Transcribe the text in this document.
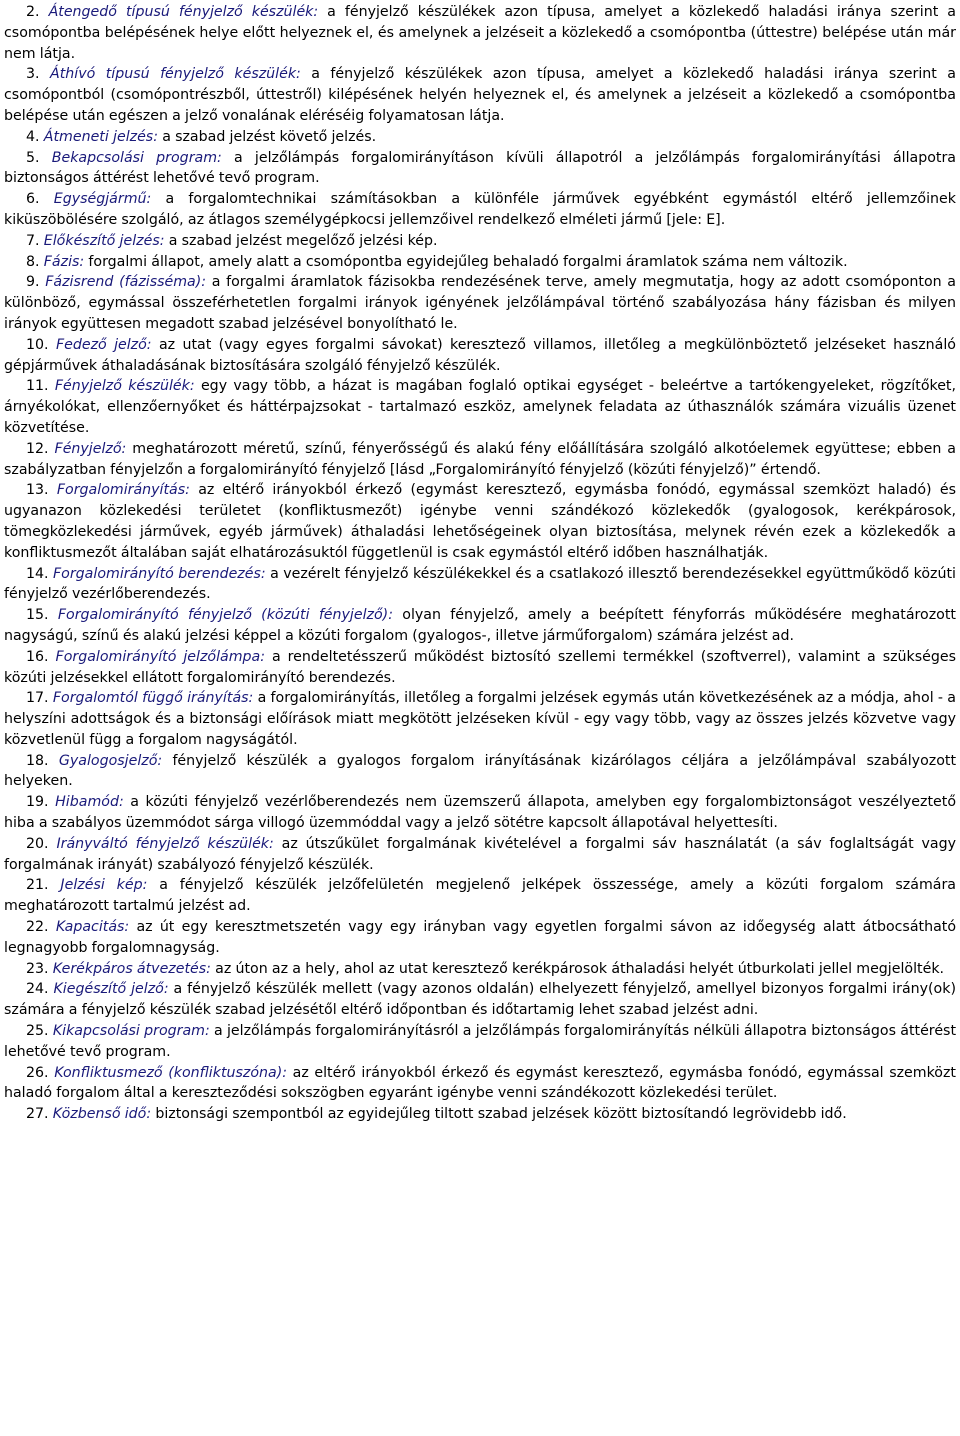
2. Átengedő típusú fényjelző készülék: a fényjelző készülékek azon típusa, amelyet a közlekedő haladási iránya szerint a csomópontba belépésének helye előtt helyeznek el, és amelynek a jelzéseit a közlekedő a csomópontba (úttestre) belépése után már nem látja.

3. Áthívó típusú fényjelző készülék: a fényjelző készülékek azon típusa, amelyet a közlekedő haladási iránya szerint a csomópontból (csomópontrészből, úttestről) kilépésének helyén helyeznek el, és amelynek a jelzéseit a közlekedő a csomópontba belépése után egészen a jelző vonalának eléréséig folyamatosan látja.

4. Átmeneti jelzés: a szabad jelzést követő jelzés.

5. Bekapcsolási program: a jelzőlámpás forgalomirányításon kívüli állapotról a jelzőlámpás forgalomirányítási állapotra biztonságos áttérést lehetővé tevő program.

6. Egységjármű: a forgalomtechnikai számításokban a különféle járművek egyébként egymástól eltérő jellemzőinek kiküszöbölésére szolgáló, az átlagos személygépkocsi jellemzőivel rendelkező elméleti jármű [jele: E].

7. Előkészítő jelzés: a szabad jelzést megelőző jelzési kép.

8. Fázis: forgalmi állapot, amely alatt a csomópontba egyidejűleg behaladó forgalmi áramlatok száma nem változik.

9. Fázisrend (fázisséma): a forgalmi áramlatok fázisokba rendezésének terve, amely megmutatja, hogy az adott csomóponton a különböző, egymással összeférhetetlen forgalmi irányok igényének jelzőlámpával történő szabályozása hány fázisban és milyen irányok együttesen megadott szabad jelzésével bonyolítható le.

10. Fedező jelző: az utat (vagy egyes forgalmi sávokat) keresztező villamos, illetőleg a megkülönböztető jelzéseket használó gépjárművek áthaladásának biztosítására szolgáló fényjelző készülék.

11. Fényjelző készülék: egy vagy több, a házat is magában foglaló optikai egységet - beleértve a tartókengyeleket, rögzítőket, árnyékolókat, ellenzőernyőket és háttérpajzsokat - tartalmazó eszköz, amelynek feladata az úthasználók számára vizuális üzenet közvetítése.

12. Fényjelző: meghatározott méretű, színű, fényerősségű és alakú fény előállítására szolgáló alkotóelemek együttese; ebben a szabályzatban fényjelzőn a forgalomirányító fényjelző [lásd „Forgalomirányító fényjelző (közúti fényjelző)” értendő.

13. Forgalomirányítás: az eltérő irányokból érkező (egymást keresztező, egymásba fonódó, egymással szemközt haladó) és ugyanazon közlekedési területet (konfliktusmezőt) igénybe venni szándékozó közlekedők (gyalogosok, kerékpárosok, tömegközlekedési járművek, egyéb járművek) áthaladási lehetőségeinek olyan biztosítása, melynek révén ezek a közlekedők a konfliktusmezőt általában saját elhatározásuktól függetlenül is csak egymástól eltérő időben használhatják.

14. Forgalomirányító berendezés: a vezérelt fényjelző készülékekkel és a csatlakozó illesztő berendezésekkel együttműködő közúti fényjelző vezérlőberendezés.

15. Forgalomirányító fényjelző (közúti fényjelző): olyan fényjelző, amely a beépített fényforrás működésére meghatározott nagyságú, színű és alakú jelzési képpel a közúti forgalom (gyalogos-, illetve járműforgalom) számára jelzést ad.

16. Forgalomirányító jelzőlámpa: a rendeltetésszerű működést biztosító szellemi termékkel (szoftverrel), valamint a szükséges közúti jelzésekkel ellátott forgalomirányító berendezés.

17. Forgalomtól függő irányítás: a forgalomirányítás, illetőleg a forgalmi jelzések egymás után következésének az a módja, ahol - a helyszíni adottságok és a biztonsági előírások miatt megkötött jelzéseken kívül - egy vagy több, vagy az összes jelzés közvetve vagy közvetlenül függ a forgalom nagyságától.

18. Gyalogosjelző: fényjelző készülék a gyalogos forgalom irányításának kizárólagos céljára a jelzőlámpával szabályozott helyeken.

19. Hibamód: a közúti fényjelző vezérlőberendezés nem üzemszerű állapota, amelyben egy forgalombiztonságot veszélyeztető hiba a szabályos üzemmódot sárga villogó üzemmóddal vagy a jelző sötétre kapcsolt állapotával helyettesíti.

20. Irányváltó fényjelző készülék: az útszűkület forgalmának kivételével a forgalmi sáv használatát (a sáv foglaltságát vagy forgalmának irányát) szabályozó fényjelző készülék.

21. Jelzési kép: a fényjelző készülék jelzőfelületén megjelenő jelképek összessége, amely a közúti forgalom számára meghatározott tartalmú jelzést ad.

22. Kapacitás: az út egy keresztmetszetén vagy egy irányban vagy egyetlen forgalmi sávon az időegység alatt átbocsátható legnagyobb forgalomnagyság.

23. Kerékpáros átvezetés: az úton az a hely, ahol az utat keresztező kerékpárosok áthaladási helyét útburkolati jellel megjelölték.

24. Kiegészítő jelző: a fényjelző készülék mellett (vagy azonos oldalán) elhelyezett fényjelző, amellyel bizonyos forgalmi irány(ok) számára a fényjelző készülék szabad jelzésétől eltérő időpontban és időtartamig lehet szabad jelzést adni.

25. Kikapcsolási program: a jelzőlámpás forgalomirányításról a jelzőlámpás forgalomirányítás nélküli állapotra biztonságos áttérést lehetővé tevő program.

26. Konfliktusmező (konfliktuszóna): az eltérő irányokból érkező és egymást keresztező, egymásba fonódó, egymással szemközt haladó forgalom által a kereszteződési sokszögben egyaránt igénybe venni szándékozott közlekedési terület.

27. Közbenső idő: biztonsági szempontból az egyidejűleg tiltott szabad jelzések között biztosítandó legrövidebb idő.
